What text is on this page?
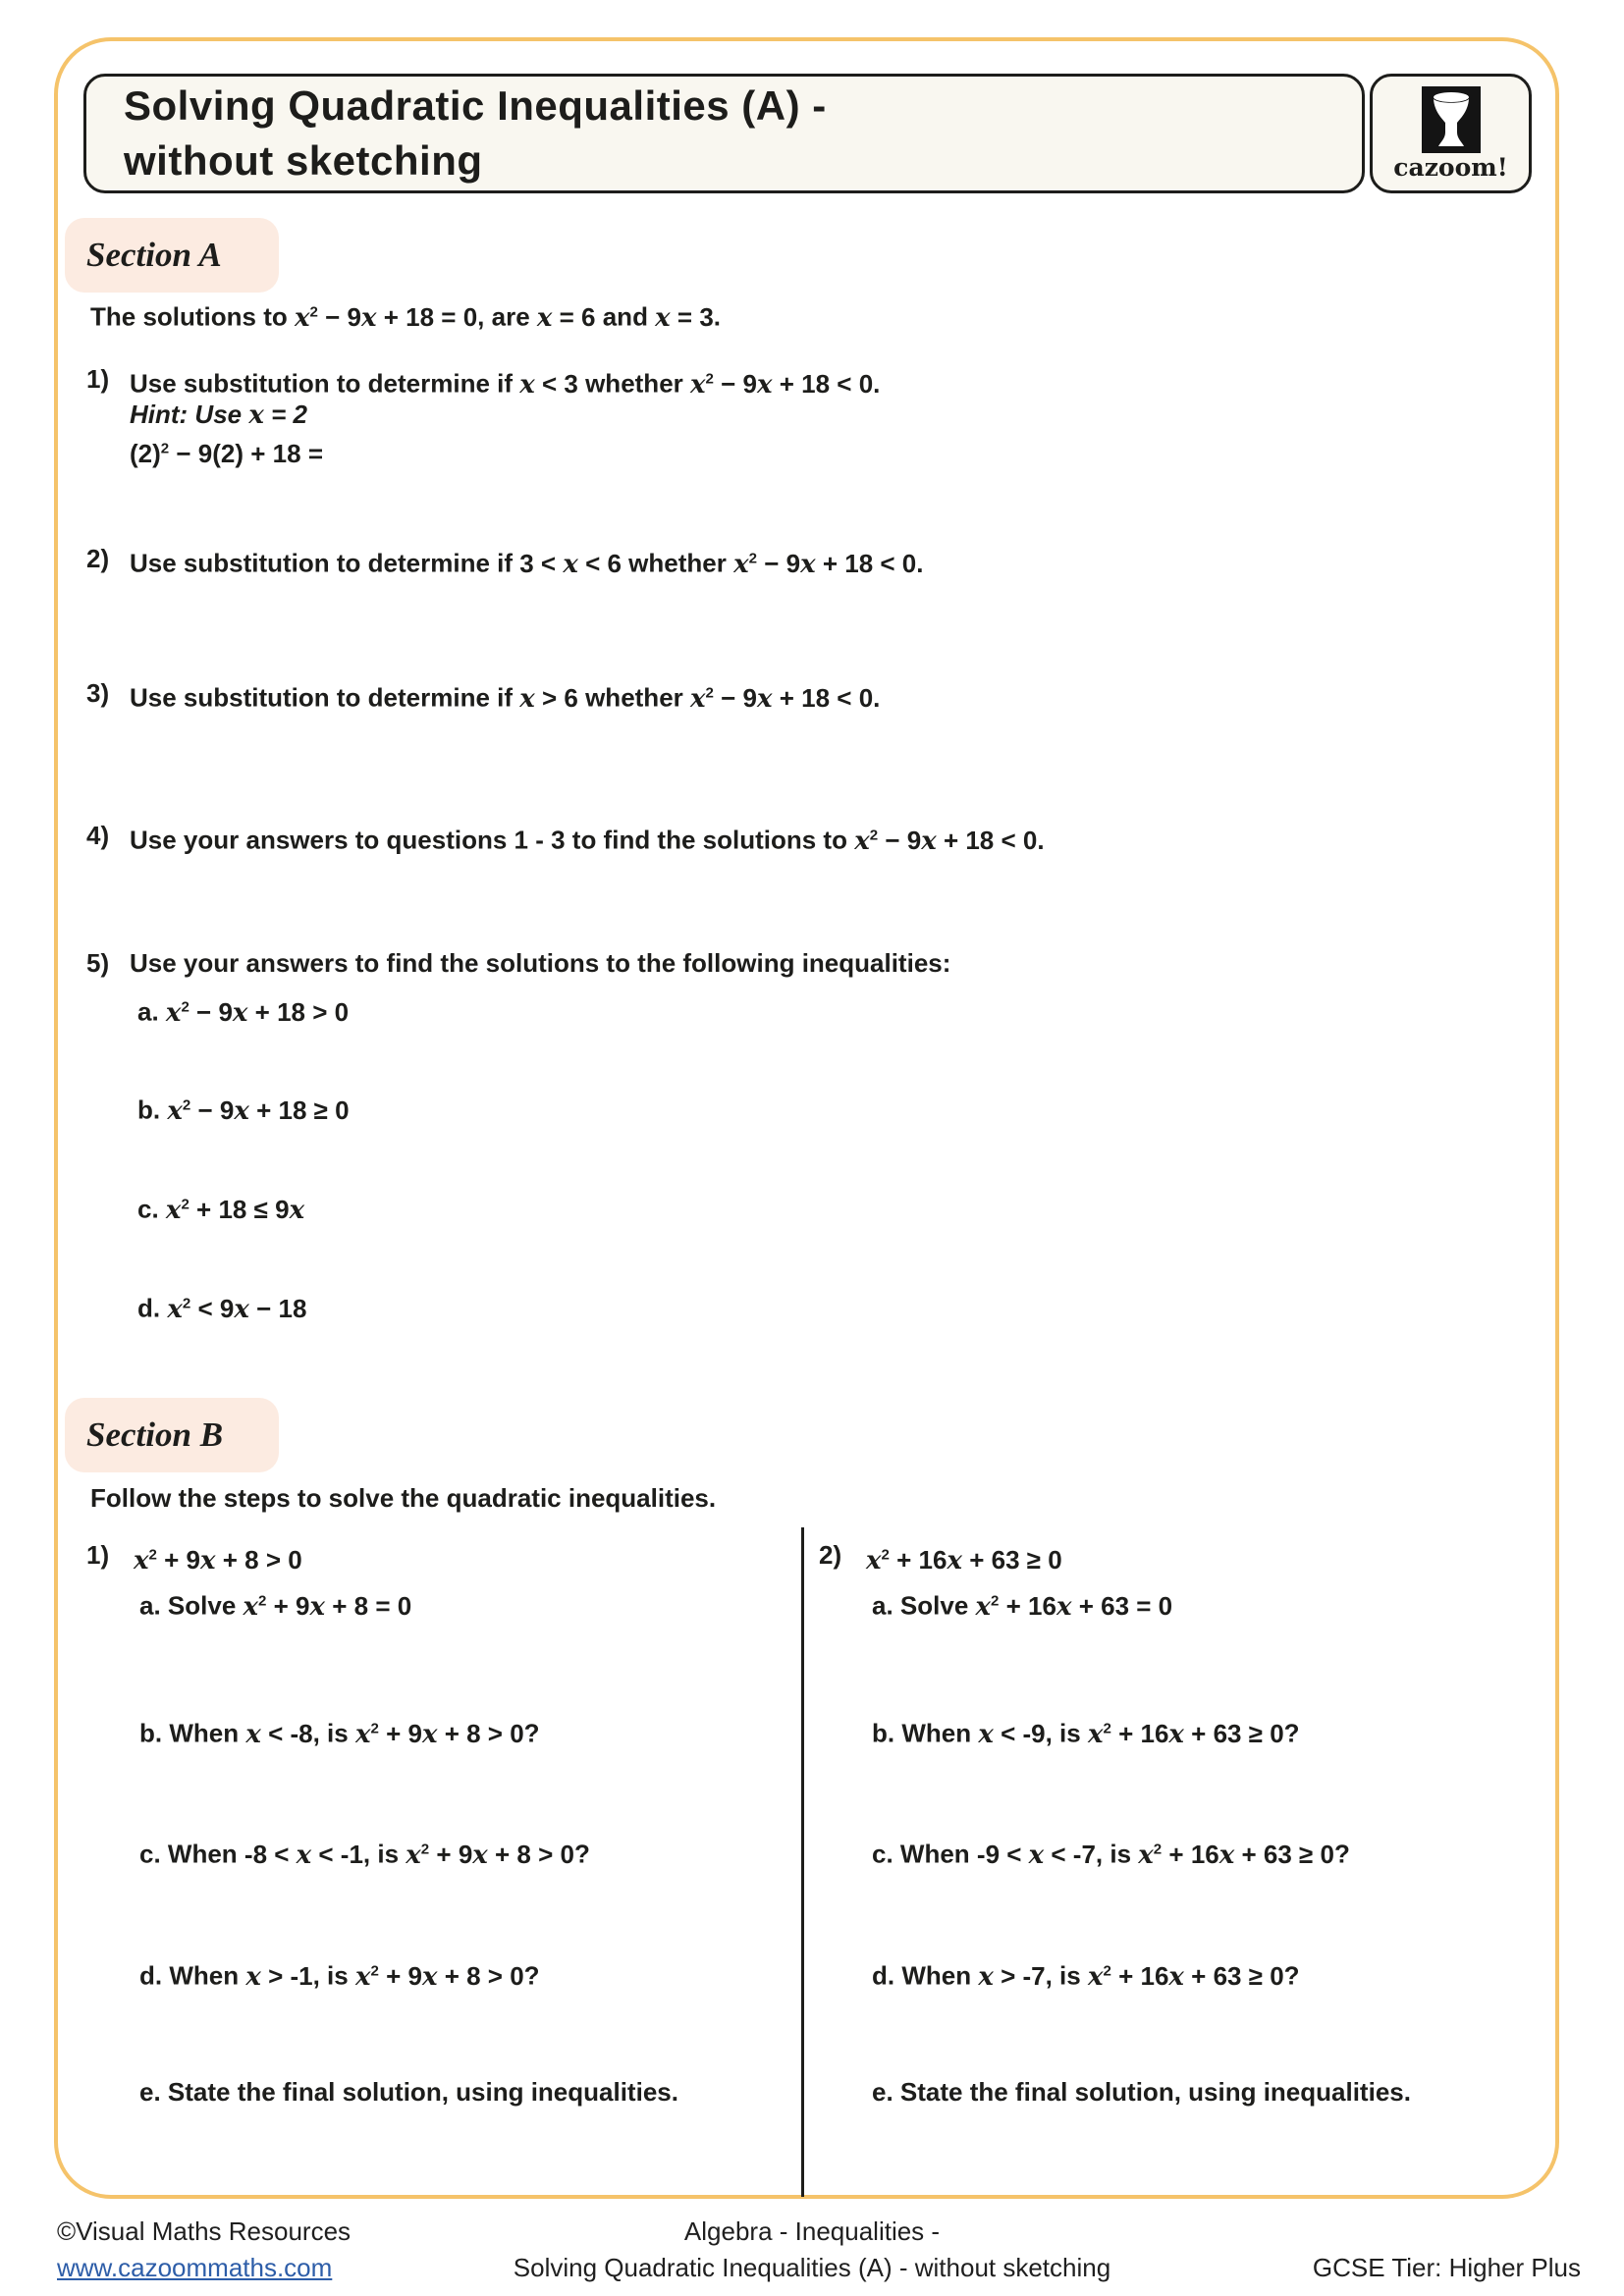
Solving Quadratic Inequalities (A) -
without sketching	cazoom!
Section A
The solutions to $x^2 - 9x + 18 = 0$, are x = 6 and x = 3.
1) Use substitution to determine if x < 3 whether $x^2 - 9x + 18 < 0$.
Hint: Use x = 2
$(2)^2 - 9(2) + 18$ =
2) Use substitution to determine if 3 < x < 6 whether $x^2 - 9x + 18 < 0$.
3) Use substitution to determine if x > 6 whether $x^2 - 9x + 18 < 0$.
4) Use your answers to questions 1 - 3 to find the solutions to $x^2 - 9x + 18 < 0$.
5) Use your answers to find the solutions to the following inequalities:
a. $x^2 - 9x + 18 > 0$
b. $x^2 - 9x + 18 \ge 0$
c. $x^2 + 18 \le 9x$
d. $x^2 < 9x - 18$
Section B
Follow the steps to solve the quadratic inequalities.
1) $x^2 + 9x + 8 > 0$
a. Solve $x^2 + 9x + 8 = 0$
b. When x < -8, is $x^2 + 9x + 8 > 0$?
c. When -8 < x < -1, is $x^2 + 9x + 8 > 0$?
d. When x > -1, is $x^2 + 9x + 8 > 0$?
e. State the final solution, using inequalities.
2) $x^2 + 16x + 63 \ge 0$
a. Solve $x^2 + 16x + 63 = 0$
b. When x < -9, is $x^2 + 16x + 63 \ge 0$?
c. When -9 < x < -7, is $x^2 + 16x + 63 \ge 0$?
d. When x > -7, is $x^2 + 16x + 63 \ge 0$?
e. State the final solution, using inequalities.
©Visual Maths Resources
www.cazoommaths.com
Algebra - Inequalities -
Solving Quadratic Inequalities (A) - without sketching	GCSE Tier: Higher Plus
